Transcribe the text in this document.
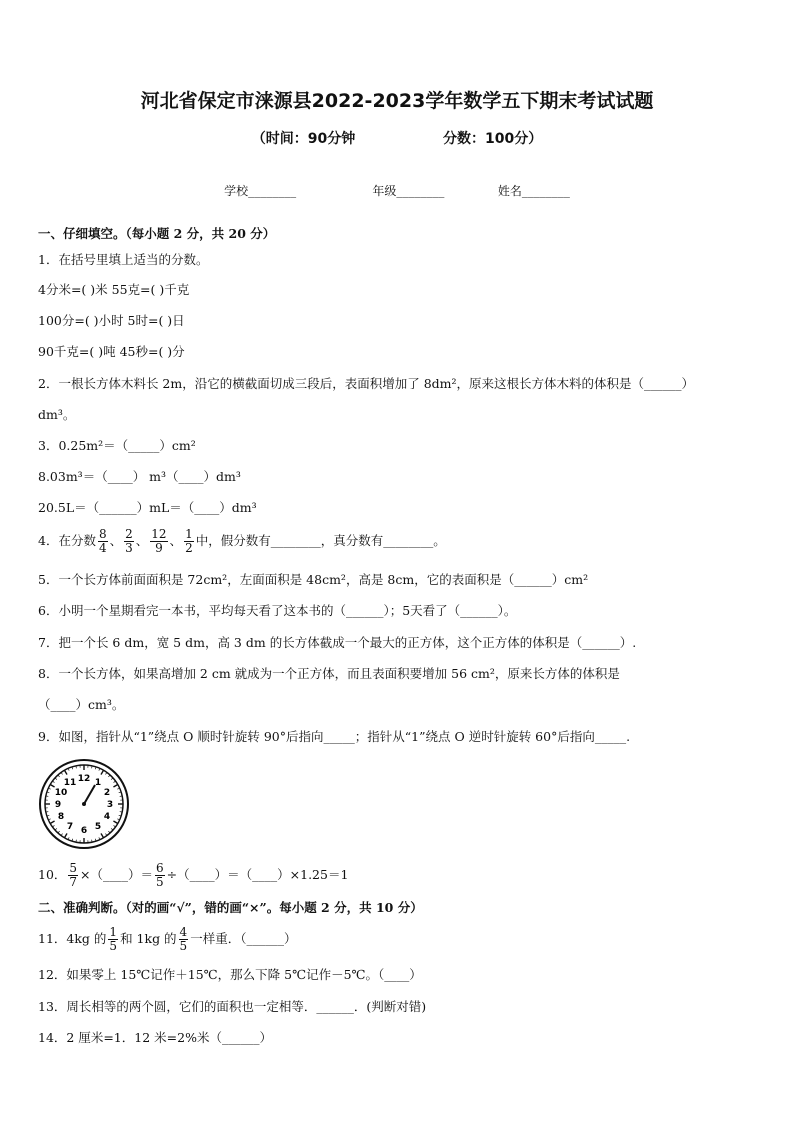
河北省保定市涞源县2022-2023学年数学五下期末考试试题
（时间：90分钟                  分数：100分）
学校________                    年级________              姓名________
一、仔细填空。（每小题 2 分，共 20 分）
1．在括号里填上适当的分数。
4分米=( )米 55克=( )千克
100分=( )小时 5时=( )日
90千克=( )吨 45秒=( )分
2．一根长方体木料长 2m，沿它的横截面切成三段后，表面积增加了 8dm²，原来这根长方体木料的体积是（______）
dm³。
3．0.25m²＝（_____）cm²
8.03m³＝（____） m³（____）dm³
20.5L＝（______）mL＝（____）dm³
4．在分数 $\frac{8}{4}$ 、 $\frac{2}{3}$ 、 $\frac{12}{9}$ 、 $\frac{1}{2}$ 中，假分数有________，真分数有________。
5．一个长方体前面面积是 72cm²，左面面积是 48cm²，高是 8cm，它的表面积是（______）cm²
6．小明一个星期看完一本书，平均每天看了这本书的（______）；5天看了（______）。
7．把一个长 6 dm，宽 5 dm，高 3 dm 的长方体截成一个最大的正方体，这个正方体的体积是（______）.
8．一个长方体，如果高增加 2 cm 就成为一个正方体，而且表面积要增加 56 cm²，原来长方体的体积是
（____）cm³。
9．如图，指针从“1”绕点 O 顺时针旋转 90°后指向_____；指针从“1”绕点 O 逆时针旋转 60°后指向_____.
12 1
2
3
4
5
6
7
8
9
10
11
10． $\frac{5}{7}$ ×（____）＝ $\frac{6}{5}$ ÷（____）＝（____）×1.25＝1
二、准确判断。（对的画“√”，错的画“×”。每小题 2 分，共 10 分）
11．4kg 的 $\frac{1}{5}$ 和 1kg 的 $\frac{4}{5}$ 一样重．（______）
12．如果零上 15℃记作＋15℃，那么下降 5℃记作－5℃。（____）
13．周长相等的两个圆，它们的面积也一定相等．______．(判断对错)
14．2 厘米=1．12 米=2%米（______）
